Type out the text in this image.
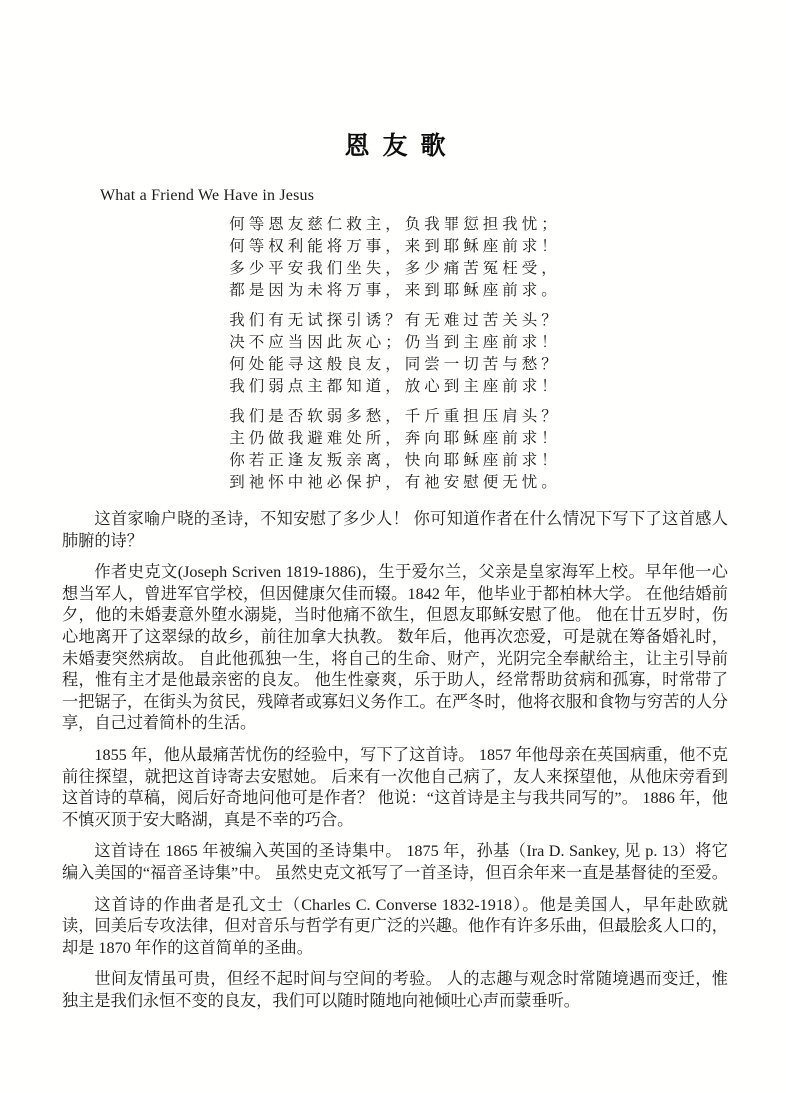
恩友歌
What a Friend We Have in Jesus
何等恩友慈仁救主，负我罪愆担我忧；
何等权利能将万事，来到耶稣座前求！
多少平安我们坐失，多少痛苦冤枉受，
都是因为未将万事，来到耶稣座前求。
我们有无试探引诱？有无难过苦关头？
决不应当因此灰心；仍当到主座前求！
何处能寻这般良友，同尝一切苦与愁？
我们弱点主都知道，放心到主座前求！
我们是否软弱多愁，千斤重担压肩头？
主仍做我避难处所，奔向耶稣座前求！
你若正逢友叛亲离，快向耶稣座前求！
到祂怀中祂必保护，有祂安慰便无忧。

这首家喻户晓的圣诗，不知安慰了多少人！ 你可知道作者在什么情况下写下了这首感人肺腑的诗？

作者史克文(Joseph Scriven 1819-1886)，生于爱尔兰，父亲是皇家海军上校。早年他一心想当军人，曾进军官学校，但因健康欠佳而辍。1842 年，他毕业于都柏林大学。 在他结婚前夕，他的未婚妻意外堕水溺毙，当时他痛不欲生，但恩友耶稣安慰了他。 他在廿五岁时，伤心地离开了这翠绿的故乡，前往加拿大执教。 数年后，他再次恋爱，可是就在筹备婚礼时，未婚妻突然病故。 自此他孤独一生，将自己的生命、财产，光阴完全奉献给主，让主引导前程，惟有主才是他最亲密的良友。 他生性豪爽，乐于助人，经常帮助贫病和孤寡，时常带了一把锯子，在街头为贫民，残障者或寡妇义务作工。在严冬时，他将衣服和食物与穷苦的人分享，自己过着简朴的生活。

1855 年，他从最痛苦忧伤的经验中，写下了这首诗。 1857 年他母亲在英国病重，他不克前往探望，就把这首诗寄去安慰她。 后来有一次他自己病了，友人来探望他，从他床旁看到这首诗的草稿，阅后好奇地问他可是作者？ 他说：“这首诗是主与我共同写的”。 1886 年，他不慎灭顶于安大略湖，真是不幸的巧合。

这首诗在 1865 年被编入英国的圣诗集中。 1875 年，孙基（Ira D. Sankey, 见 p. 13）将它编入美国的“福音圣诗集”中。 虽然史克文祇写了一首圣诗，但百余年来一直是基督徒的至爱。

这首诗的作曲者是孔文士（Charles C. Converse 1832-1918）。他是美国人，早年赴欧就读，回美后专攻法律，但对音乐与哲学有更广泛的兴趣。他作有许多乐曲，但最脍炙人口的，却是 1870 年作的这首简单的圣曲。

世间友情虽可贵，但经不起时间与空间的考验。 人的志趣与观念时常随境遇而变迁，惟独主是我们永恒不变的良友，我们可以随时随地向祂倾吐心声而蒙垂听。
